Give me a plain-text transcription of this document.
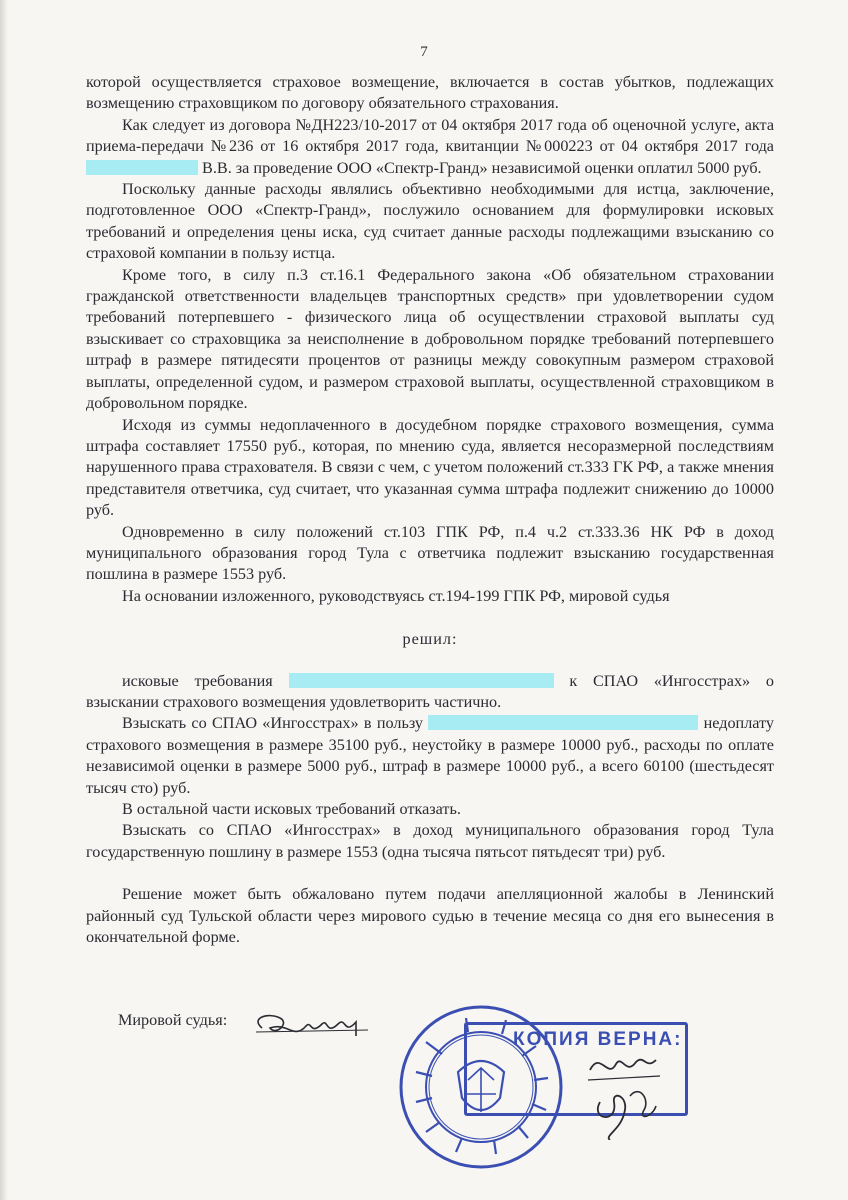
7

которой осуществляется страховое возмещение, включается в состав убытков, подлежащих возмещению страховщиком по договору обязательного страхования.

Как следует из договора №ДН223/10-2017 от 04 октября 2017 года об оценочной услуге, акта приема-передачи №236 от 16 октября 2017 года, квитанции №000223 от 04 октября 2017 года  В.В. за проведение ООО «Спектр-Гранд» независимой оценки оплатил 5000 руб.

Поскольку данные расходы являлись объективно необходимыми для истца, заключение, подготовленное ООО «Спектр-Гранд», послужило основанием для формулировки исковых требований и определения цены иска, суд считает данные расходы подлежащими взысканию со страховой компании в пользу истца.

Кроме того, в силу п.3 ст.16.1 Федерального закона «Об обязательном страховании гражданской ответственности владельцев транспортных средств» при удовлетворении судом требований потерпевшего - физического лица об осуществлении страховой выплаты суд взыскивает со страховщика за неисполнение в добровольном порядке требований потерпевшего штраф в размере пятидесяти процентов от разницы между совокупным размером страховой выплаты, определенной судом, и размером страховой выплаты, осуществленной страховщиком в добровольном порядке.

Исходя из суммы недоплаченного в досудебном порядке страхового возмещения, сумма штрафа составляет 17550 руб., которая, по мнению суда, является несоразмерной последствиям нарушенного права страхователя. В связи с чем, с учетом положений ст.333 ГК РФ, а также мнения представителя ответчика, суд считает, что указанная сумма штрафа подлежит снижению до 10000 руб.

Одновременно в силу положений ст.103 ГПК РФ, п.4 ч.2 ст.333.36 НК РФ в доход муниципального образования город Тула с ответчика подлежит взысканию государственная пошлина в размере 1553 руб.

На основании изложенного, руководствуясь ст.194-199 ГПК РФ, мировой судья

решил:

исковые требования	к СПАО «Ингосстрах» о взыскании страхового возмещения удовлетворить частично.

Взыскать со СПАО «Ингосстрах» в пользу	недоплату страхового возмещения в размере 35100 руб., неустойку в размере 10000 руб., расходы по оплате независимой оценки в размере 5000 руб., штраф в размере 10000 руб., а всего 60100 (шестьдесят тысяч сто) руб.

В остальной части исковых требований отказать.

Взыскать со СПАО «Ингосстрах» в доход муниципального образования город Тула государственную пошлину в размере 1553 (одна тысяча пятьсот пятьдесят три) руб.

Решение может быть обжаловано путем подачи апелляционной жалобы в Ленинский районный суд Тульской области через мирового судью в течение месяца со дня его вынесения в окончательной форме.

Мировой судья:
КОПИЯ ВЕРНА:
